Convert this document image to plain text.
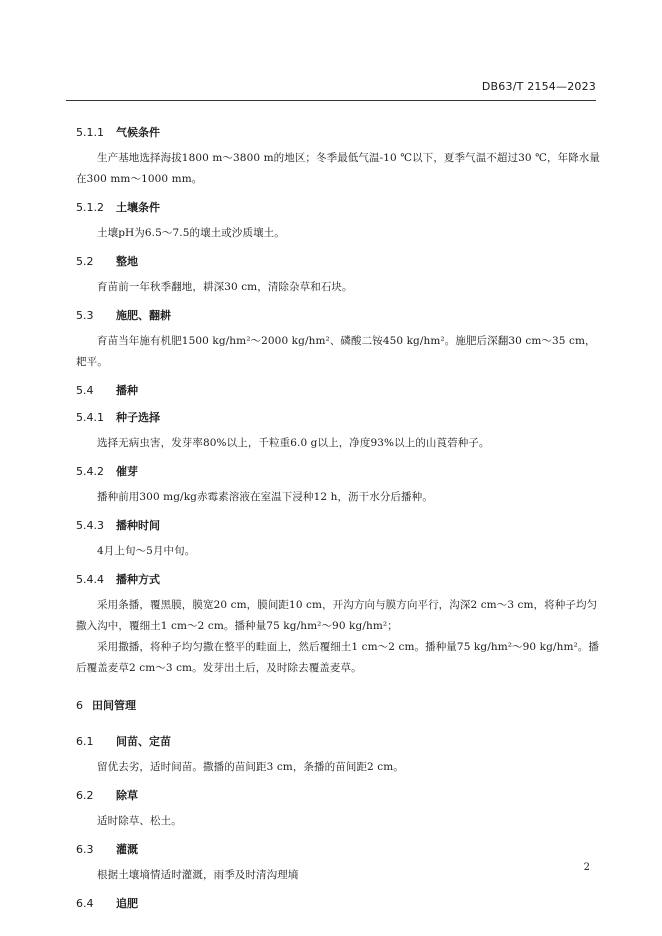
DB63/T 2154—2023

5.1.1 气候条件

生产基地选择海拔1800 m～3800 m的地区；冬季最低气温-10 ℃以下，夏季气温不超过30 ℃，年降水量在300 mm～1000 mm。

5.1.2 土壤条件

土壤pH为6.5～7.5的壤土或沙质壤土。

5.2 整地

育苗前一年秋季翻地，耕深30 cm，清除杂草和石块。

5.3 施肥、翻耕

育苗当年施有机肥1500 kg/hm²～2000 kg/hm²、磷酸二铵450 kg/hm²。施肥后深翻30 cm～35 cm，耙平。

5.4 播种

5.4.1 种子选择

选择无病虫害，发芽率80%以上，千粒重6.0 g以上，净度93%以上的山莨菪种子。

5.4.2 催芽

播种前用300 mg/kg赤霉素溶液在室温下浸种12 h，沥干水分后播种。

5.4.3 播种时间

4月上旬～5月中旬。

5.4.4 播种方式

采用条播，覆黑膜，膜宽20 cm，膜间距10 cm，开沟方向与膜方向平行，沟深2 cm～3 cm，将种子均匀撒入沟中，覆细土1 cm～2 cm。播种量75 kg/hm²～90 kg/hm²；

采用撒播，将种子均匀撒在整平的畦面上，然后覆细土1 cm～2 cm。播种量75 kg/hm²～90 kg/hm²。播后覆盖麦草2 cm～3 cm。发芽出土后，及时除去覆盖麦草。

6 田间管理

6.1 间苗、定苗

留优去劣，适时间苗。撒播的苗间距3 cm，条播的苗间距2 cm。

6.2 除草

适时除草、松土。

6.3 灌溉

根据土壤墒情适时灌溉，雨季及时清沟理墒

6.4 追肥

2
